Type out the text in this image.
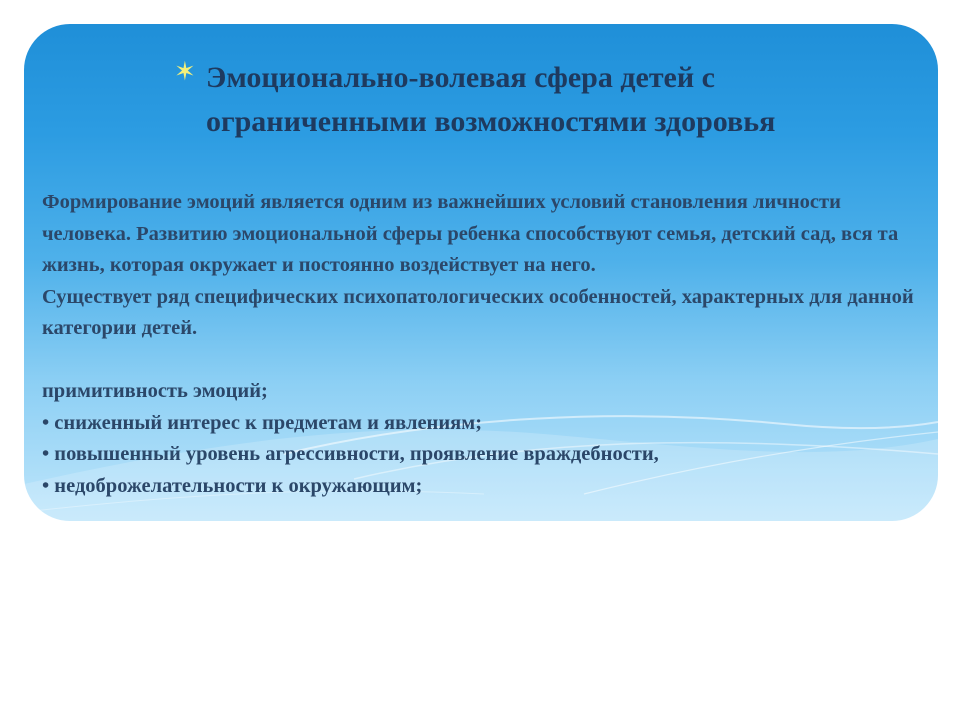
✶ Эмоционально-волевая сфера детей с ограниченными возможностями здоровья

Формирование эмоций является одним из важнейших условий становления личности человека. Развитию эмоциональной сферы ребенка способствуют семья, детский сад, вся та жизнь, которая окружает и постоянно воздействует на него.

Существует ряд специфических психопатологических особенностей, характерных для данной категории детей.

примитивность эмоций;

• сниженный интерес к предметам и явлениям;

• повышенный уровень агрессивности, проявление враждебности,

• недоброжелательности к окружающим;
